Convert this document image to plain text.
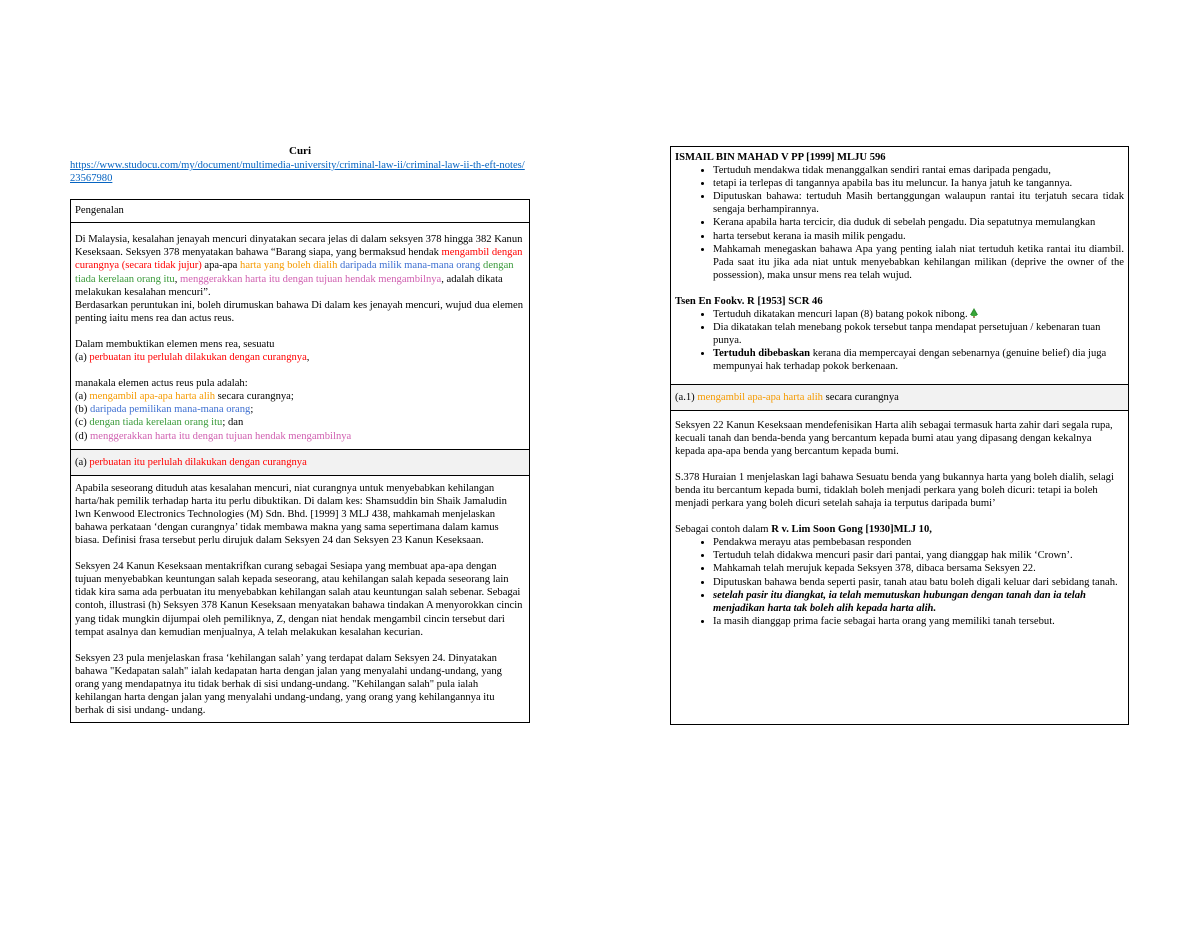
Curi
https://www.studocu.com/my/document/multimedia-university/criminal-law-ii/criminal-law-ii-th-eft-notes/23567980
Pengenalan

Di Malaysia, kesalahan jenayah mencuri dinyatakan secara jelas di dalam seksyen 378 hingga 382 Kanun Keseksaan. Seksyen 378 menyatakan bahawa “Barang siapa, yang bermaksud hendak mengambil dengan curangnya (secara tidak jujur) apa-apa harta yang boleh dialih daripada milik mana-mana orang dengan tiada kerelaan orang itu, menggerakkan harta itu dengan tujuan hendak mengambilnya, adalah dikata melakukan kesalahan mencuri”.

Berdasarkan peruntukan ini, boleh dirumuskan bahawa Di dalam kes jenayah mencuri, wujud dua elemen penting iaitu mens rea dan actus reus.

Dalam membuktikan elemen mens rea, sesuatu

(a) perbuatan itu perlulah dilakukan dengan curangnya,

manakala elemen actus reus pula adalah:

(a) mengambil apa-apa harta alih secara curangnya;

(b) daripada pemilikan mana-mana orang;

(c) dengan tiada kerelaan orang itu; dan

(d) menggerakkan harta itu dengan tujuan hendak mengambilnya

(a) perbuatan itu perlulah dilakukan dengan curangnya

Apabila seseorang dituduh atas kesalahan mencuri, niat curangnya untuk menyebabkan kehilangan harta/hak pemilik terhadap harta itu perlu dibuktikan. Di dalam kes: Shamsuddin bin Shaik Jamaludin lwn Kenwood Electronics Technologies (M) Sdn. Bhd. [1999] 3 MLJ 438, mahkamah menjelaskan bahawa perkataan ‘dengan curangnya’ tidak membawa makna yang sama sepertimana dalam kamus biasa. Definisi frasa tersebut perlu dirujuk dalam Seksyen 24 dan Seksyen 23 Kanun Keseksaan.

Seksyen 24 Kanun Keseksaan mentakrifkan curang sebagai Sesiapa yang membuat apa-apa dengan tujuan menyebabkan keuntungan salah kepada seseorang, atau kehilangan salah kepada seseorang lain tidak kira sama ada perbuatan itu menyebabkan kehilangan salah atau keuntungan salah sebenar. Sebagai contoh, illustrasi (h) Seksyen 378 Kanun Keseksaan menyatakan bahawa tindakan A menyorokkan cincin yang tidak mungkin dijumpai oleh pemiliknya, Z, dengan niat hendak mengambil cincin tersebut dari tempat asalnya dan kemudian menjualnya, A telah melakukan kesalahan kecurian.

Seksyen 23 pula menjelaskan frasa ‘kehilangan salah’ yang terdapat dalam Seksyen 24. Dinyatakan bahawa "Kedapatan salah" ialah kedapatan harta dengan jalan yang menyalahi undang-undang, yang orang yang mendapatnya itu tidak berhak di sisi undang-undang. "Kehilangan salah" pula ialah kehilangan harta dengan jalan yang menyalahi undang-undang, yang orang yang kehilangannya itu berhak di sisi undang- undang.

ISMAIL BIN MAHAD V PP [1999] MLJU 596

• Tertuduh mendakwa tidak menanggalkan sendiri rantai emas daripada pengadu,
• tetapi ia terlepas di tangannya apabila bas itu meluncur. Ia hanya jatuh ke tangannya.
• Diputuskan bahawa: tertuduh Masih bertanggungan walaupun rantai itu terjatuh secara tidak sengaja berhampirannya.
• Kerana apabila harta tercicir, dia duduk di sebelah pengadu. Dia sepatutnya memulangkan
• harta tersebut kerana ia masih milik pengadu.
• Mahkamah menegaskan bahawa Apa yang penting ialah niat tertuduh ketika rantai itu diambil. Pada saat itu jika ada niat untuk menyebabkan kehilangan milikan (deprive the owner of the possession), maka unsur mens rea telah wujud.

Tsen En Fookv. R [1953] SCR 46

• Tertuduh dikatakan mencuri lapan (8) batang pokok nibong.
• Dia dikatakan telah menebang pokok tersebut tanpa mendapat persetujuan / kebenaran tuan punya.
• Tertuduh dibebaskan kerana dia mempercayai dengan sebenarnya (genuine belief) dia juga mempunyai hak terhadap pokok berkenaan.
(a.1) mengambil apa-apa harta alih secara curangnya

Seksyen 22 Kanun Keseksaan mendefenisikan Harta alih sebagai termasuk harta zahir dari segala rupa, kecuali tanah dan benda-benda yang bercantum kepada bumi atau yang dipasang dengan kekalnya kepada apa-apa benda yang bercantum kepada bumi.

S.378 Huraian 1 menjelaskan lagi bahawa Sesuatu benda yang bukannya harta yang boleh dialih, selagi benda itu bercantum kepada bumi, tidaklah boleh menjadi perkara yang boleh dicuri: tetapi ia boleh menjadi perkara yang boleh dicuri setelah sahaja ia terputus daripada bumi’

Sebagai contoh dalam R v. Lim Soon Gong [1930]MLJ 10,

• Pendakwa merayu atas pembebasan responden
• Tertuduh telah didakwa mencuri pasir dari pantai, yang dianggap hak milik ‘Crown’.
• Mahkamah telah merujuk kepada Seksyen 378, dibaca bersama Seksyen 22.
• Diputuskan bahawa benda seperti pasir, tanah atau batu boleh digali keluar dari sebidang tanah.
• setelah pasir itu diangkat, ia telah memutuskan hubungan dengan tanah dan ia telah menjadikan harta tak boleh alih kepada harta alih.
• Ia masih dianggap prima facie sebagai harta orang yang memiliki tanah tersebut.
